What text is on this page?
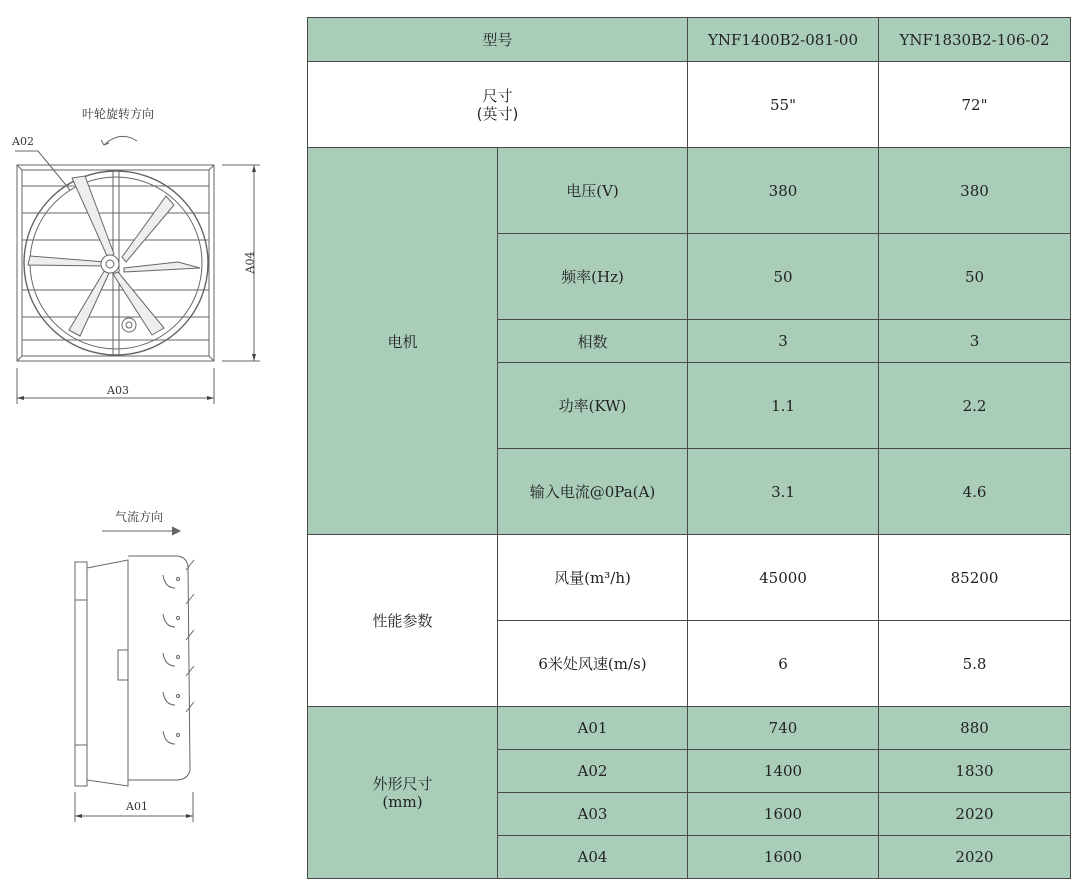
叶轮旋转方向
A02
A03
A04
气流方向
A01
型号		YNF1400B2-081-00	YNF1830B2-106-02

尺寸
(英寸)		55"	72"
电机	电压(V)	380	380
	频率(Hz)	50	50
	相数	3	3
	功率(KW)	1.1	2.2
	输入电流@0Pa(A)	3.1	4.6
性能参数	风量(m³/h)	45000	85200
	6米处风速(m/s)	6	5.8

外形尺寸
(mm)	A01	740	880
	A02	1400	1830
	A03	1600	2020
	A04	1600	2020
